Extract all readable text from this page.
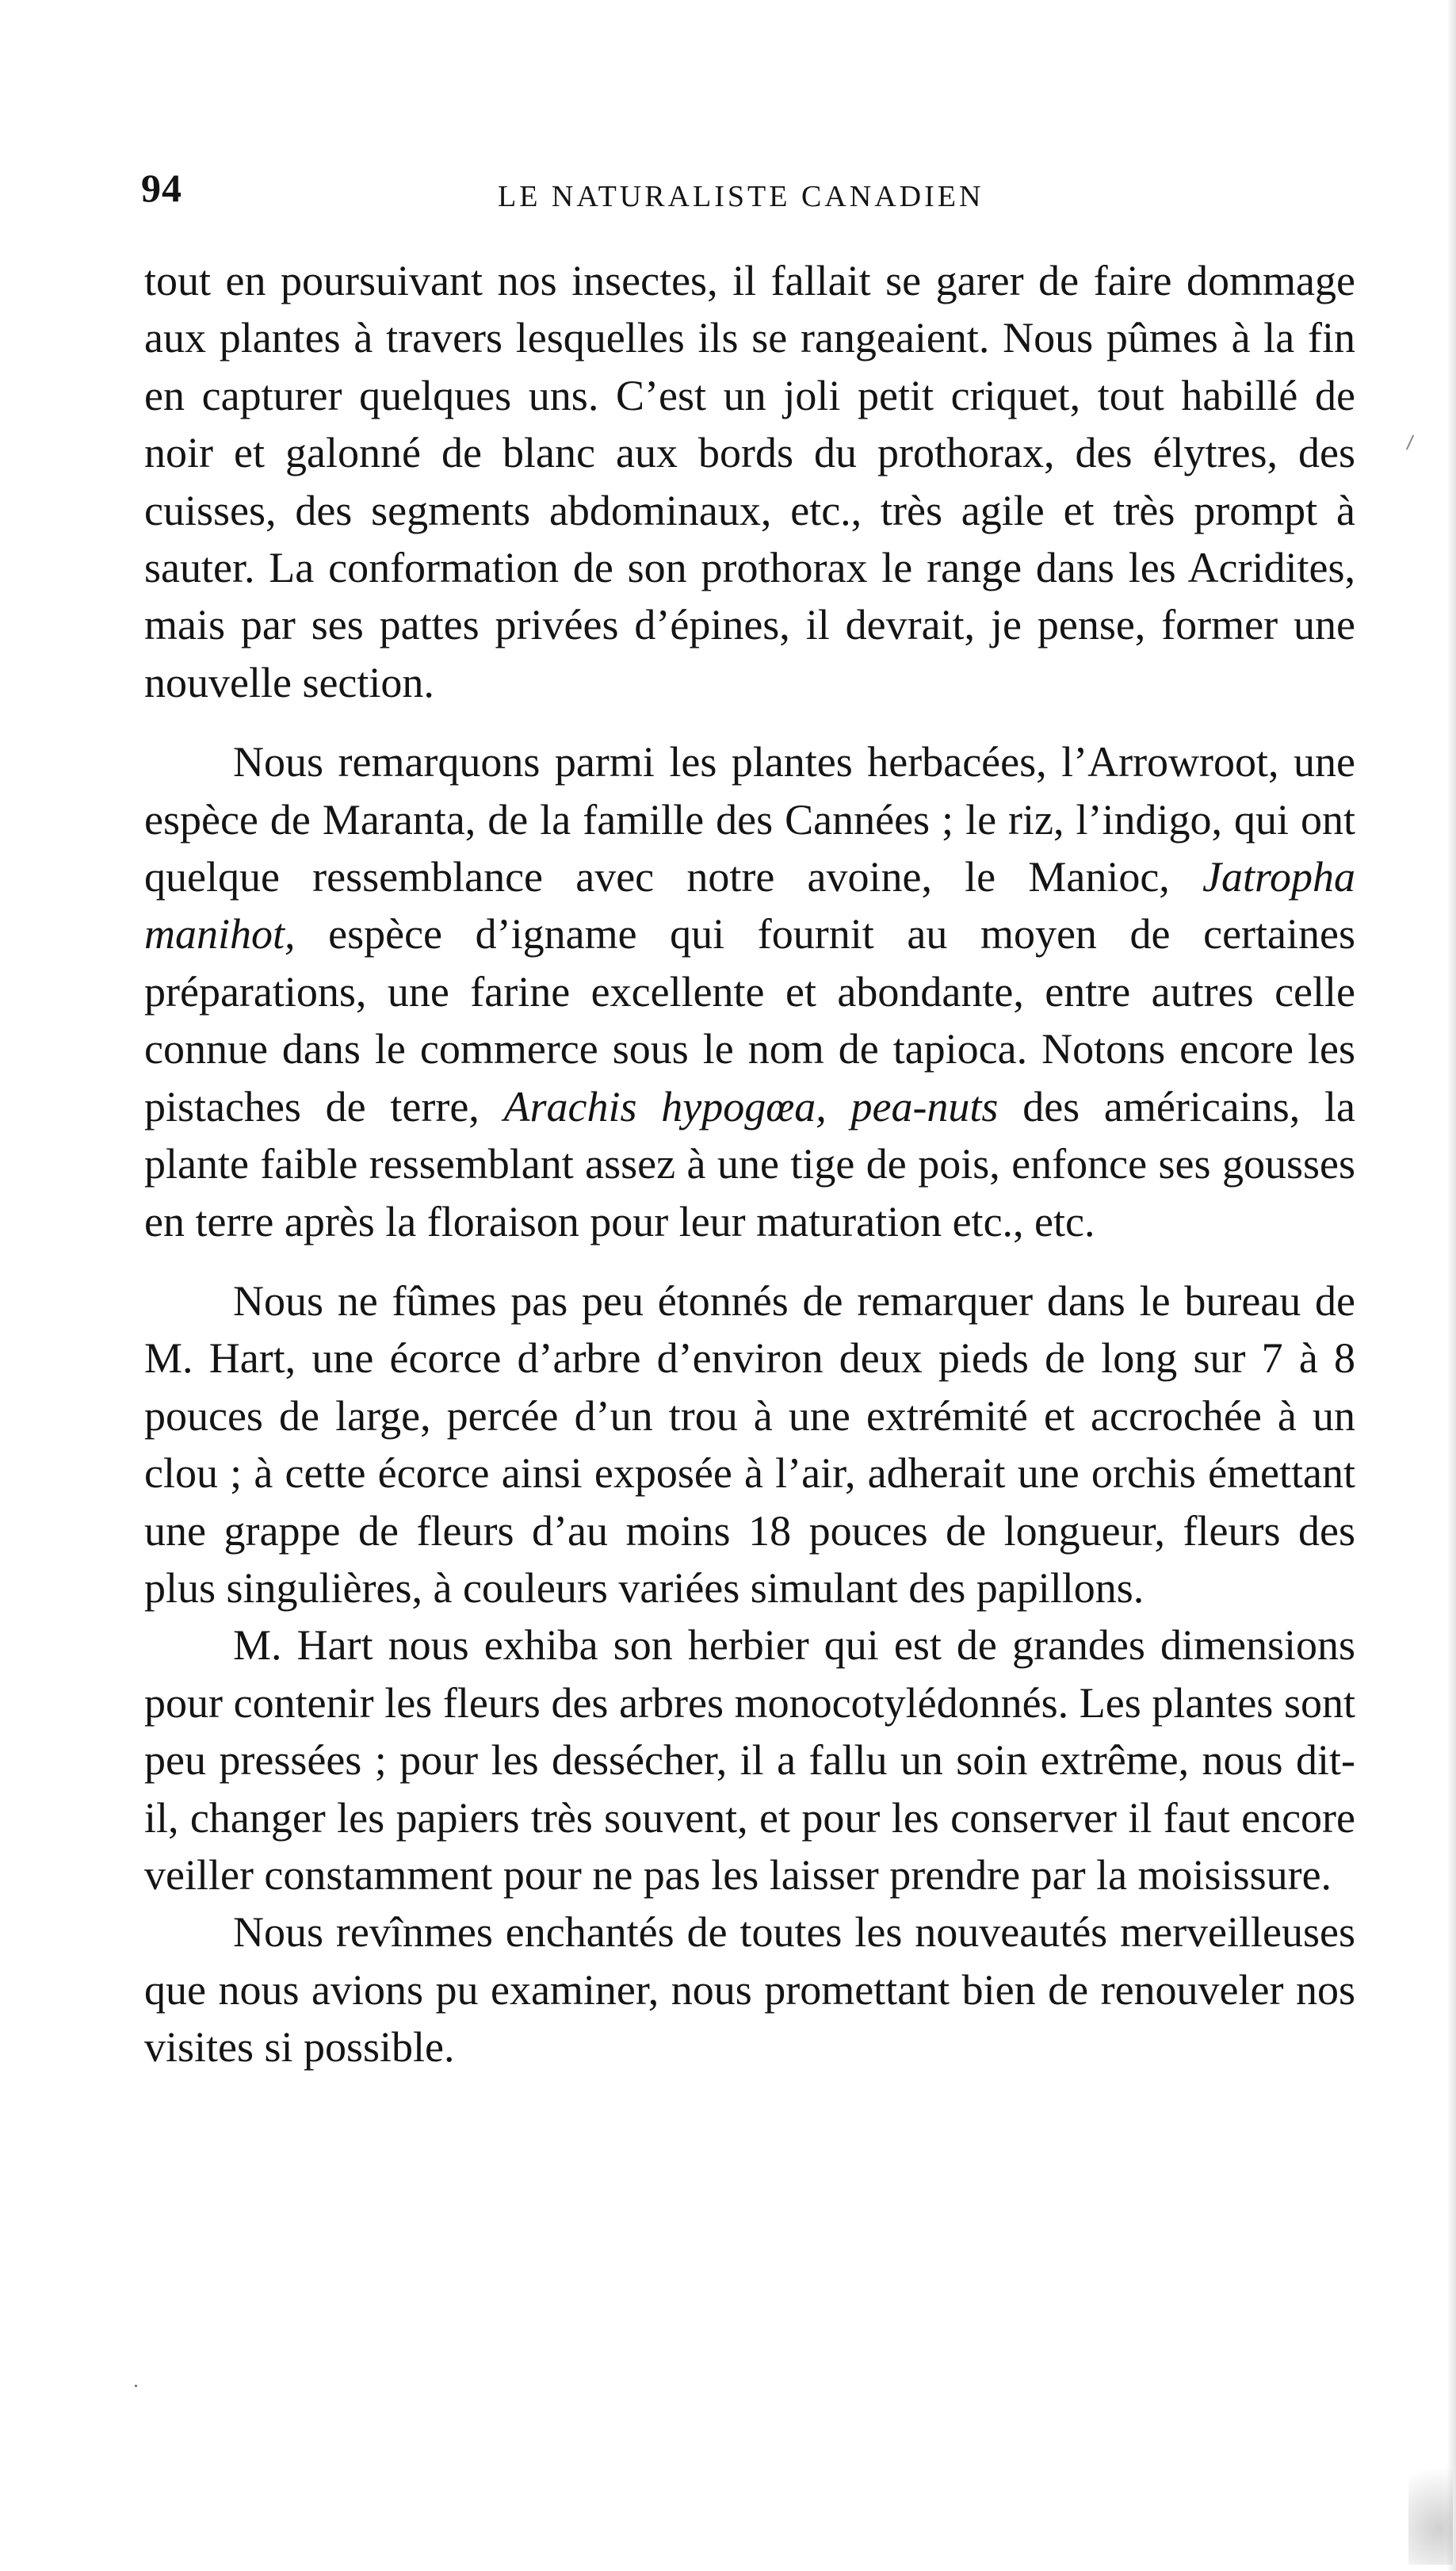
94	LE NATURALISTE CANADIEN

tout en poursuivant nos insectes, il fallait se garer de faire dommage aux plantes à travers lesquelles ils se rangeaient. Nous pûmes à la fin en capturer quelques uns. C’est un joli petit criquet, tout habillé de noir et galonné de blanc aux bords du prothorax, des élytres, des cuisses, des segments abdominaux, etc., très agile et très prompt à sauter. La conformation de son prothorax le range dans les Acridites, mais par ses pattes privées d’épines, il devrait, je pense, former une nouvelle section.

Nous remarquons parmi les plantes herbacées, l’Arrowroot, une espèce de Maranta, de la famille des Cannées ; le riz, l’indigo, qui ont quelque ressemblance avec notre avoine, le Manioc, Jatropha manihot, espèce d’igname qui fournit au moyen de certaines préparations, une farine excellente et abondante, entre autres celle connue dans le commerce sous le nom de tapioca. Notons encore les pistaches de terre, Arachis hypogœa, pea-nuts des américains, la plante faible ressemblant assez à une tige de pois, enfonce ses gousses en terre après la floraison pour leur maturation etc., etc.

Nous ne fûmes pas peu étonnés de remarquer dans le bureau de M. Hart, une écorce d’arbre d’environ deux pieds de long sur 7 à 8 pouces de large, percée d’un trou à une extrémité et accrochée à un clou ; à cette écorce ainsi exposée à l’air, adherait une orchis émettant une grappe de fleurs d’au moins 18 pouces de longueur, fleurs des plus singulières, à couleurs variées simulant des papillons.

M. Hart nous exhiba son herbier qui est de grandes dimensions pour contenir les fleurs des arbres monocotylédonnés. Les plantes sont peu pressées ; pour les dessécher, il a fallu un soin extrême, nous dit-il, changer les papiers très souvent, et pour les conserver il faut encore veiller constamment pour ne pas les laisser prendre par la moisissure.

Nous revînmes enchantés de toutes les nouveautés merveilleuses que nous avions pu examiner, nous promettant bien de renouveler nos visites si possible.
